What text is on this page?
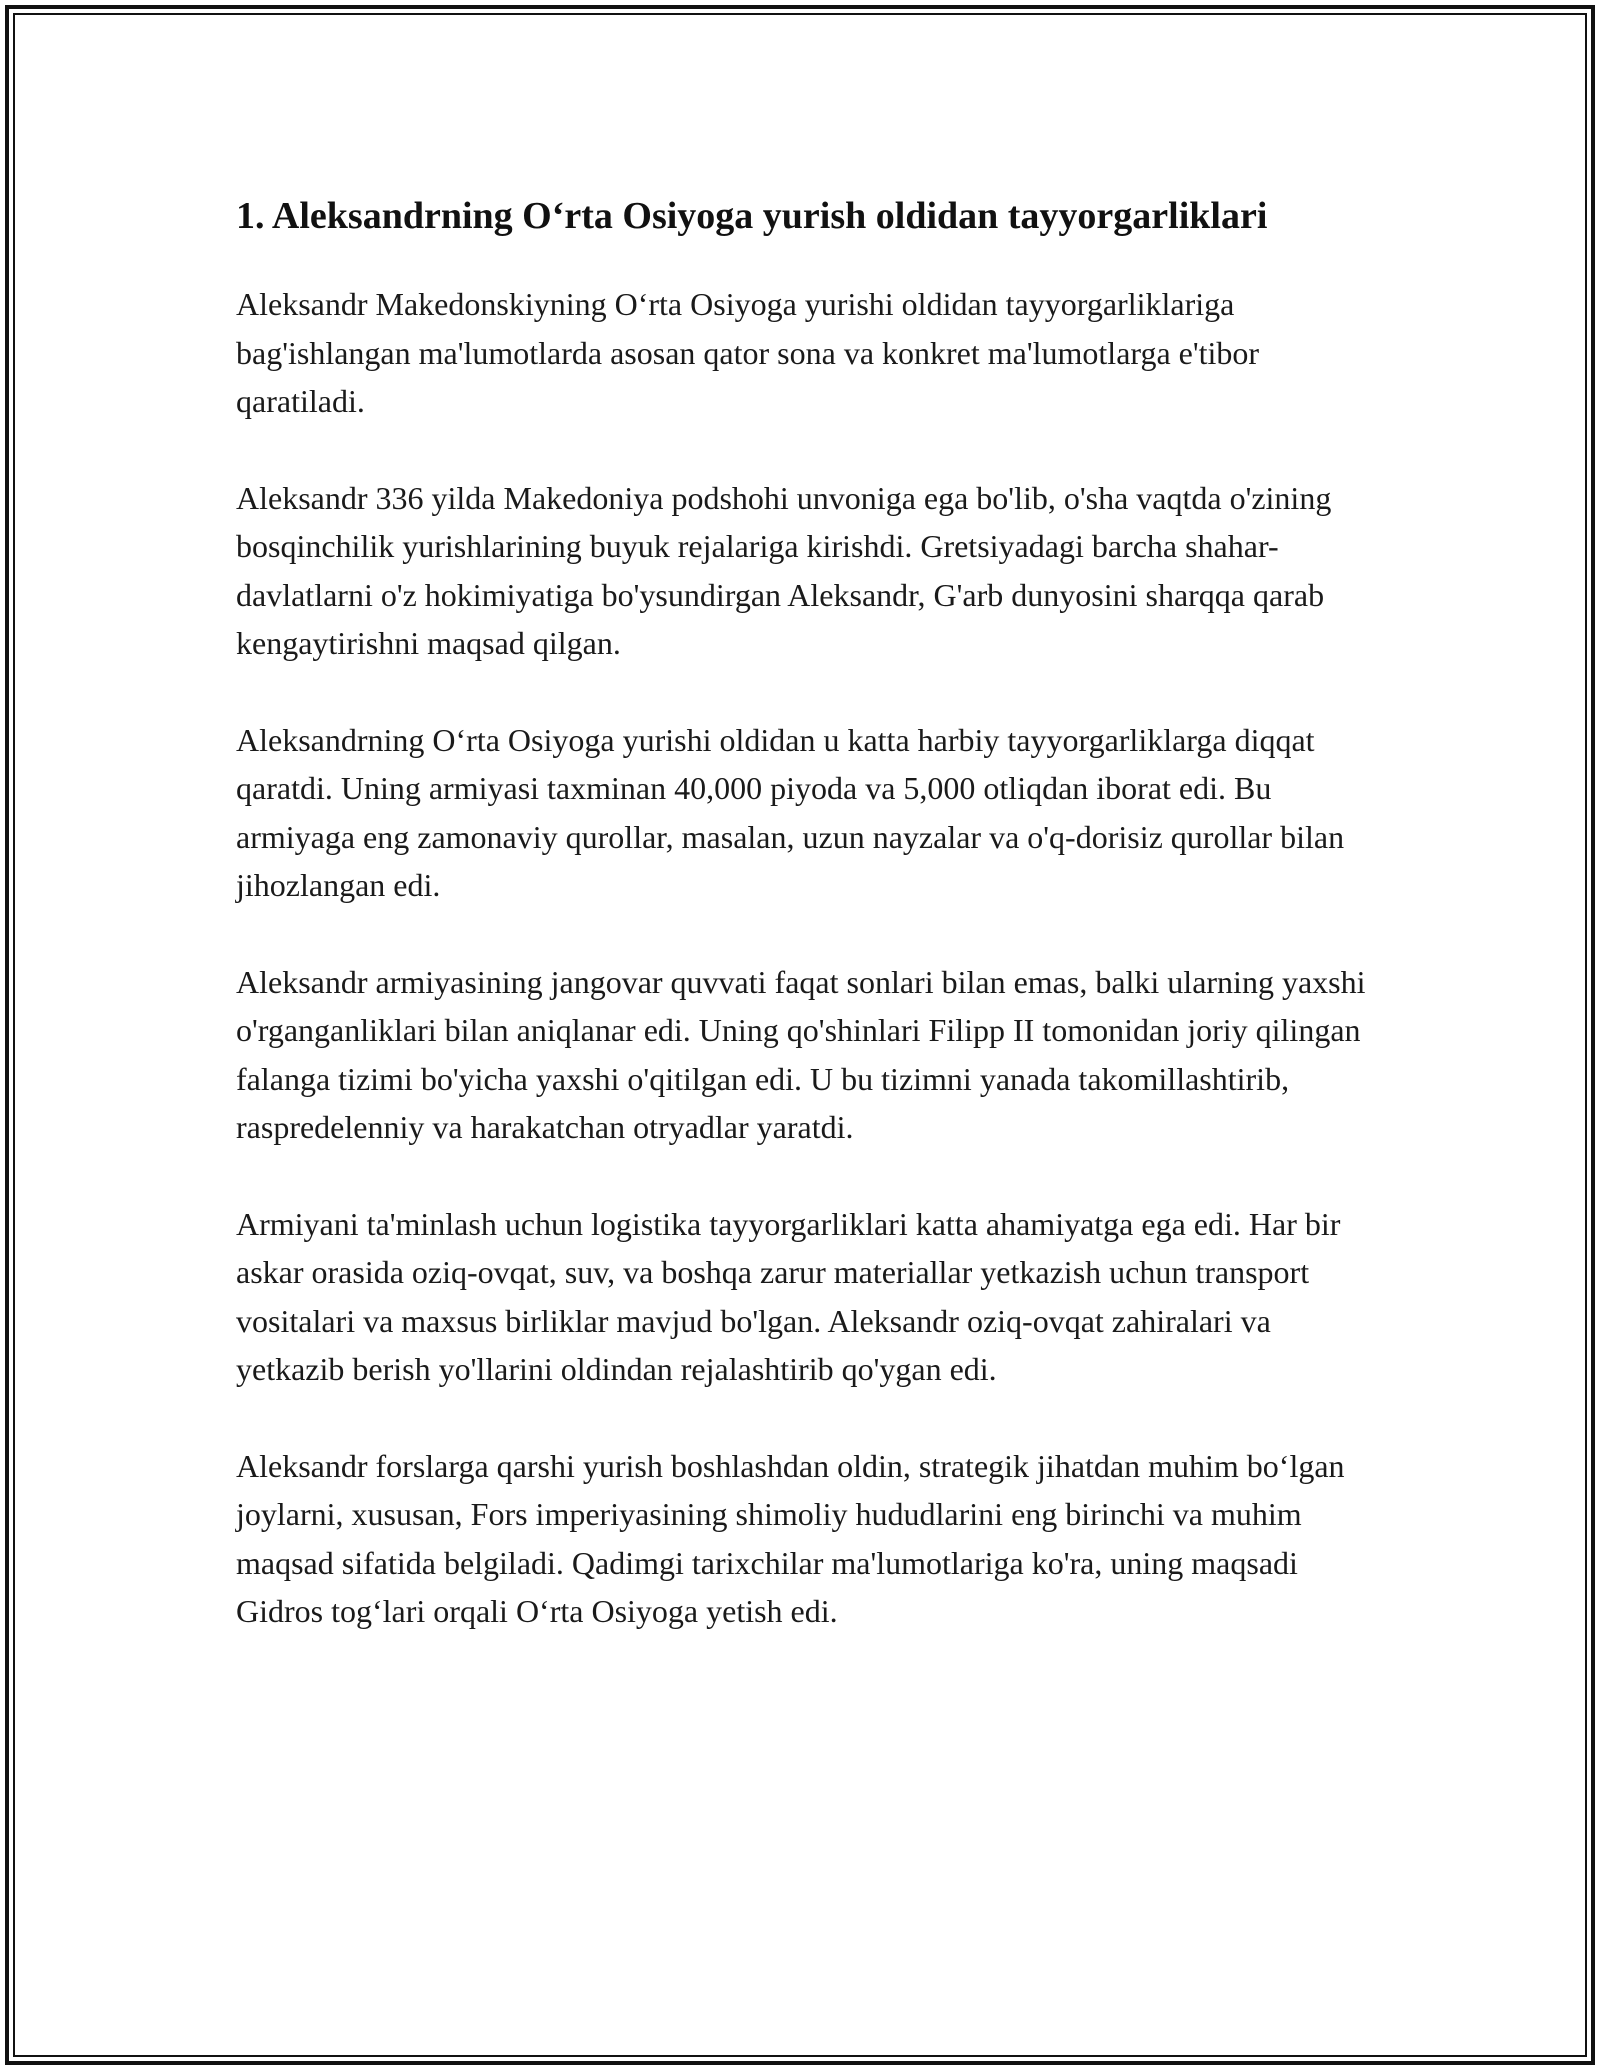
1. Aleksandrning O‘rta Osiyoga yurish oldidan tayyorgarliklari

Aleksandr Makedonskiyning O‘rta Osiyoga yurishi oldidan tayyorgarliklariga bag'ishlangan ma'lumotlarda asosan qator sona va konkret ma'lumotlarga e'tibor qaratiladi.

Aleksandr 336 yilda Makedoniya podshohi unvoniga ega bo'lib, o'sha vaqtda o'zining bosqinchilik yurishlarining buyuk rejalariga kirishdi. Gretsiyadagi barcha shahar-davlatlarni o'z hokimiyatiga bo'ysundirgan Aleksandr, G'arb dunyosini sharqqa qarab kengaytirishni maqsad qilgan.

Aleksandrning O‘rta Osiyoga yurishi oldidan u katta harbiy tayyorgarliklarga diqqat qaratdi. Uning armiyasi taxminan 40,000 piyoda va 5,000 otliqdan iborat edi. Bu armiyaga eng zamonaviy qurollar, masalan, uzun nayzalar va o'q-dorisiz qurollar bilan jihozlangan edi.

Aleksandr armiyasining jangovar quvvati faqat sonlari bilan emas, balki ularning yaxshi o'rganganliklari bilan aniqlanar edi. Uning qo'shinlari Filipp II tomonidan joriy qilingan falanga tizimi bo'yicha yaxshi o'qitilgan edi. U bu tizimni yanada takomillashtirib, raspredelenniy va harakatchan otryadlar yaratdi.

Armiyani ta'minlash uchun logistika tayyorgarliklari katta ahamiyatga ega edi. Har bir askar orasida oziq-ovqat, suv, va boshqa zarur materiallar yetkazish uchun transport vositalari va maxsus birliklar mavjud bo'lgan. Aleksandr oziq-ovqat zahiralari va yetkazib berish yo'llarini oldindan rejalashtirib qo'ygan edi.

Aleksandr forslarga qarshi yurish boshlashdan oldin, strategik jihatdan muhim bo‘lgan joylarni, xususan, Fors imperiyasining shimoliy hududlarini eng birinchi va muhim maqsad sifatida belgiladi. Qadimgi tarixchilar ma'lumotlariga ko'ra, uning maqsadi Gidros tog‘lari orqali O‘rta Osiyoga yetish edi.
